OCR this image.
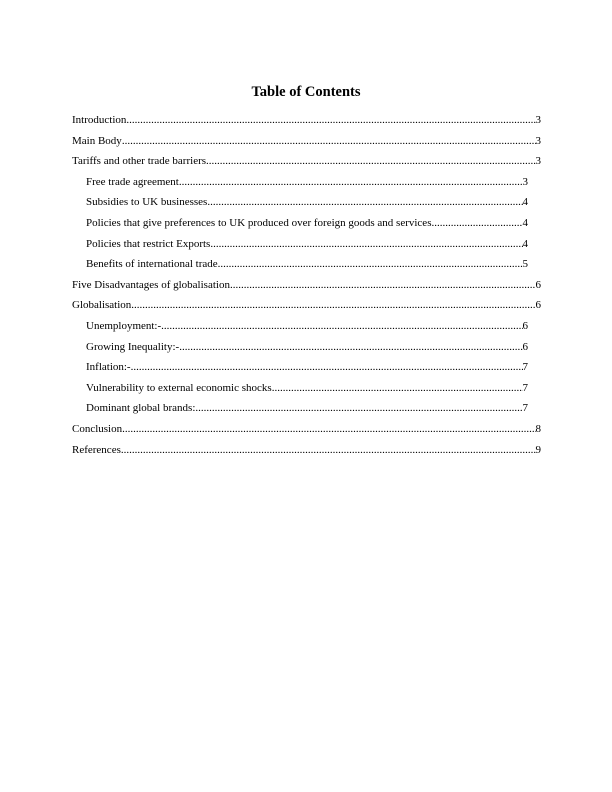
Table of Contents
Introduction .....	3
Main Body .....	3
Tariffs and other trade barriers .....	3
Free trade agreement .....	3
Subsidies to UK businesses .....	4
Policies that give preferences to UK produced over foreign goods and services .....	4
Policies that restrict Exports .....	4
Benefits of international trade .....	5
Five Disadvantages of globalisation .....	6
Globalisation .....	6
Unemployment:- .....	6
Growing Inequality:- .....	6
Inflation:- .....	7
Vulnerability to external economic shocks .....	7
Dominant global brands: .....	7
Conclusion .....	8
References .....	9
